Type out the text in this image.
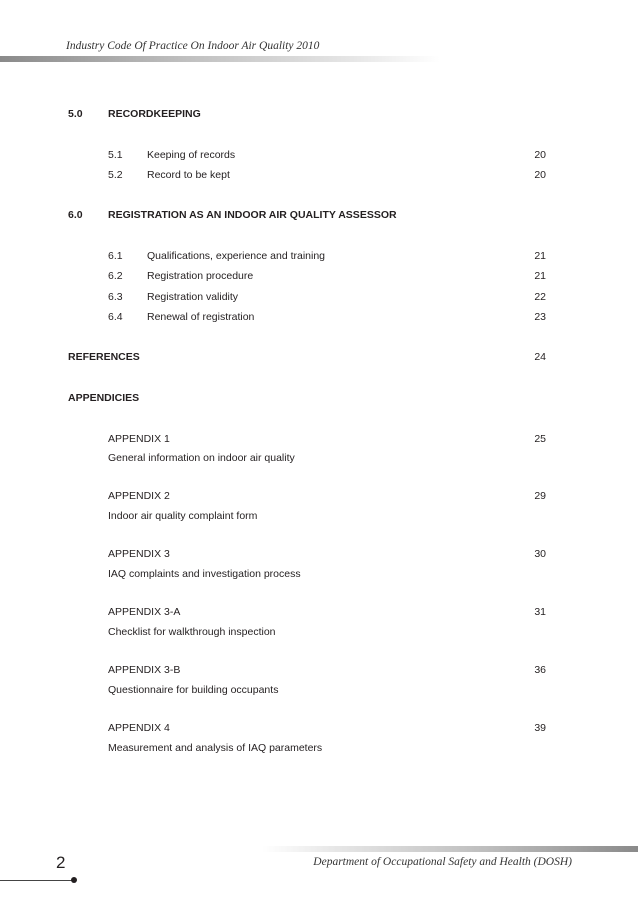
Industry Code Of Practice On Indoor Air Quality 2010
5.0 RECORDKEEPING
5.1 Keeping of records	20
5.2 Record to be kept	20
6.0 REGISTRATION AS AN INDOOR AIR QUALITY ASSESSOR
6.1 Qualifications, experience and training	21
6.2 Registration procedure	21
6.3 Registration validity	22
6.4 Renewal of registration	23
REFERENCES	24
APPENDICIES
APPENDIX 1	25
General information on indoor air quality
APPENDIX 2	29
Indoor air quality complaint form
APPENDIX 3	30
IAQ complaints and investigation process
APPENDIX 3-A	31
Checklist for walkthrough inspection
APPENDIX 3-B	36
Questionnaire for building occupants
APPENDIX 4	39
Measurement and analysis of IAQ parameters
Department of Occupational Safety and Health (DOSH)
2
